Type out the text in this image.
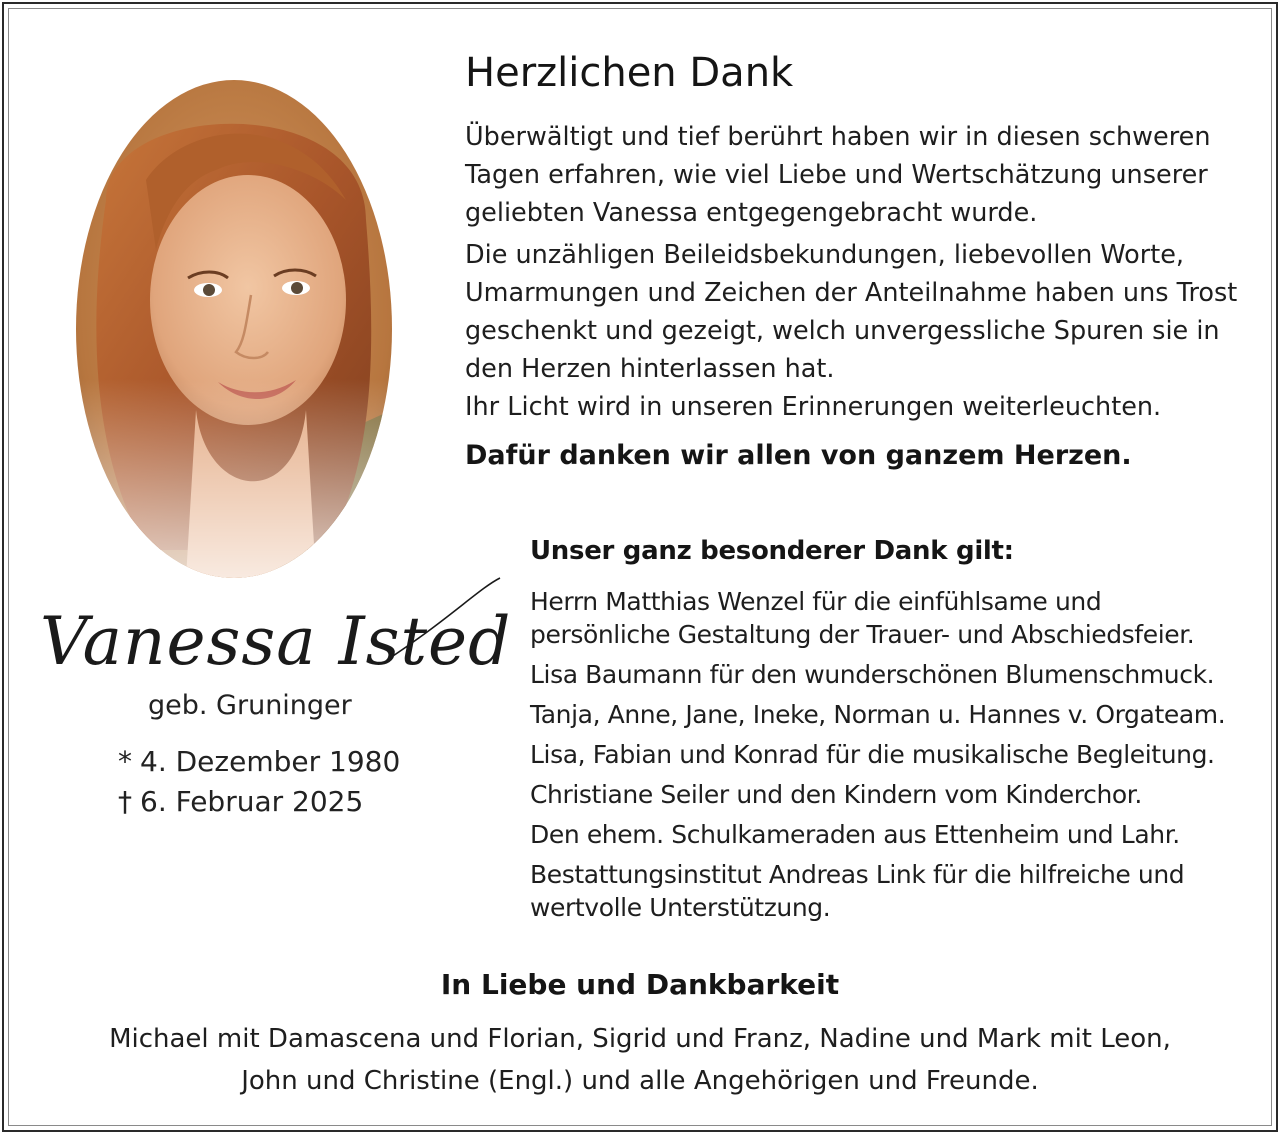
Vanessa Isted
geb. Gruninger
* 4. Dezember 1980
† 6. Februar 2025
Herzlichen Dank

Überwältigt und tief berührt haben wir in diesen schweren Tagen erfahren, wie viel Liebe und Wertschätzung unserer geliebten Vanessa entgegengebracht wurde.

Die unzähligen Beileidsbekundungen, liebevollen Worte, Umarmungen und Zeichen der Anteilnahme haben uns Trost geschenkt und gezeigt, welch unvergessliche Spuren sie in den Herzen hinterlassen hat.

Ihr Licht wird in unseren Erinnerungen weiterleuchten.

Dafür danken wir allen von ganzem Herzen.
Unser ganz besonderer Dank gilt:
Herrn Matthias Wenzel für die einfühlsame und
persönliche Gestaltung der Trauer- und Abschiedsfeier.
Lisa Baumann für den wunderschönen Blumenschmuck.
Tanja, Anne, Jane, Ineke, Norman u. Hannes v. Orgateam.
Lisa, Fabian und Konrad für die musikalische Begleitung.
Christiane Seiler und den Kindern vom Kinderchor.
Den ehem. Schulkameraden aus Ettenheim und Lahr.
Bestattungsinstitut Andreas Link für die hilfreiche und
wertvolle Unterstützung.
In Liebe und Dankbarkeit

Michael mit Damascena und Florian, Sigrid und Franz, Nadine und Mark mit Leon,
John und Christine (Engl.) und alle Angehörigen und Freunde.
